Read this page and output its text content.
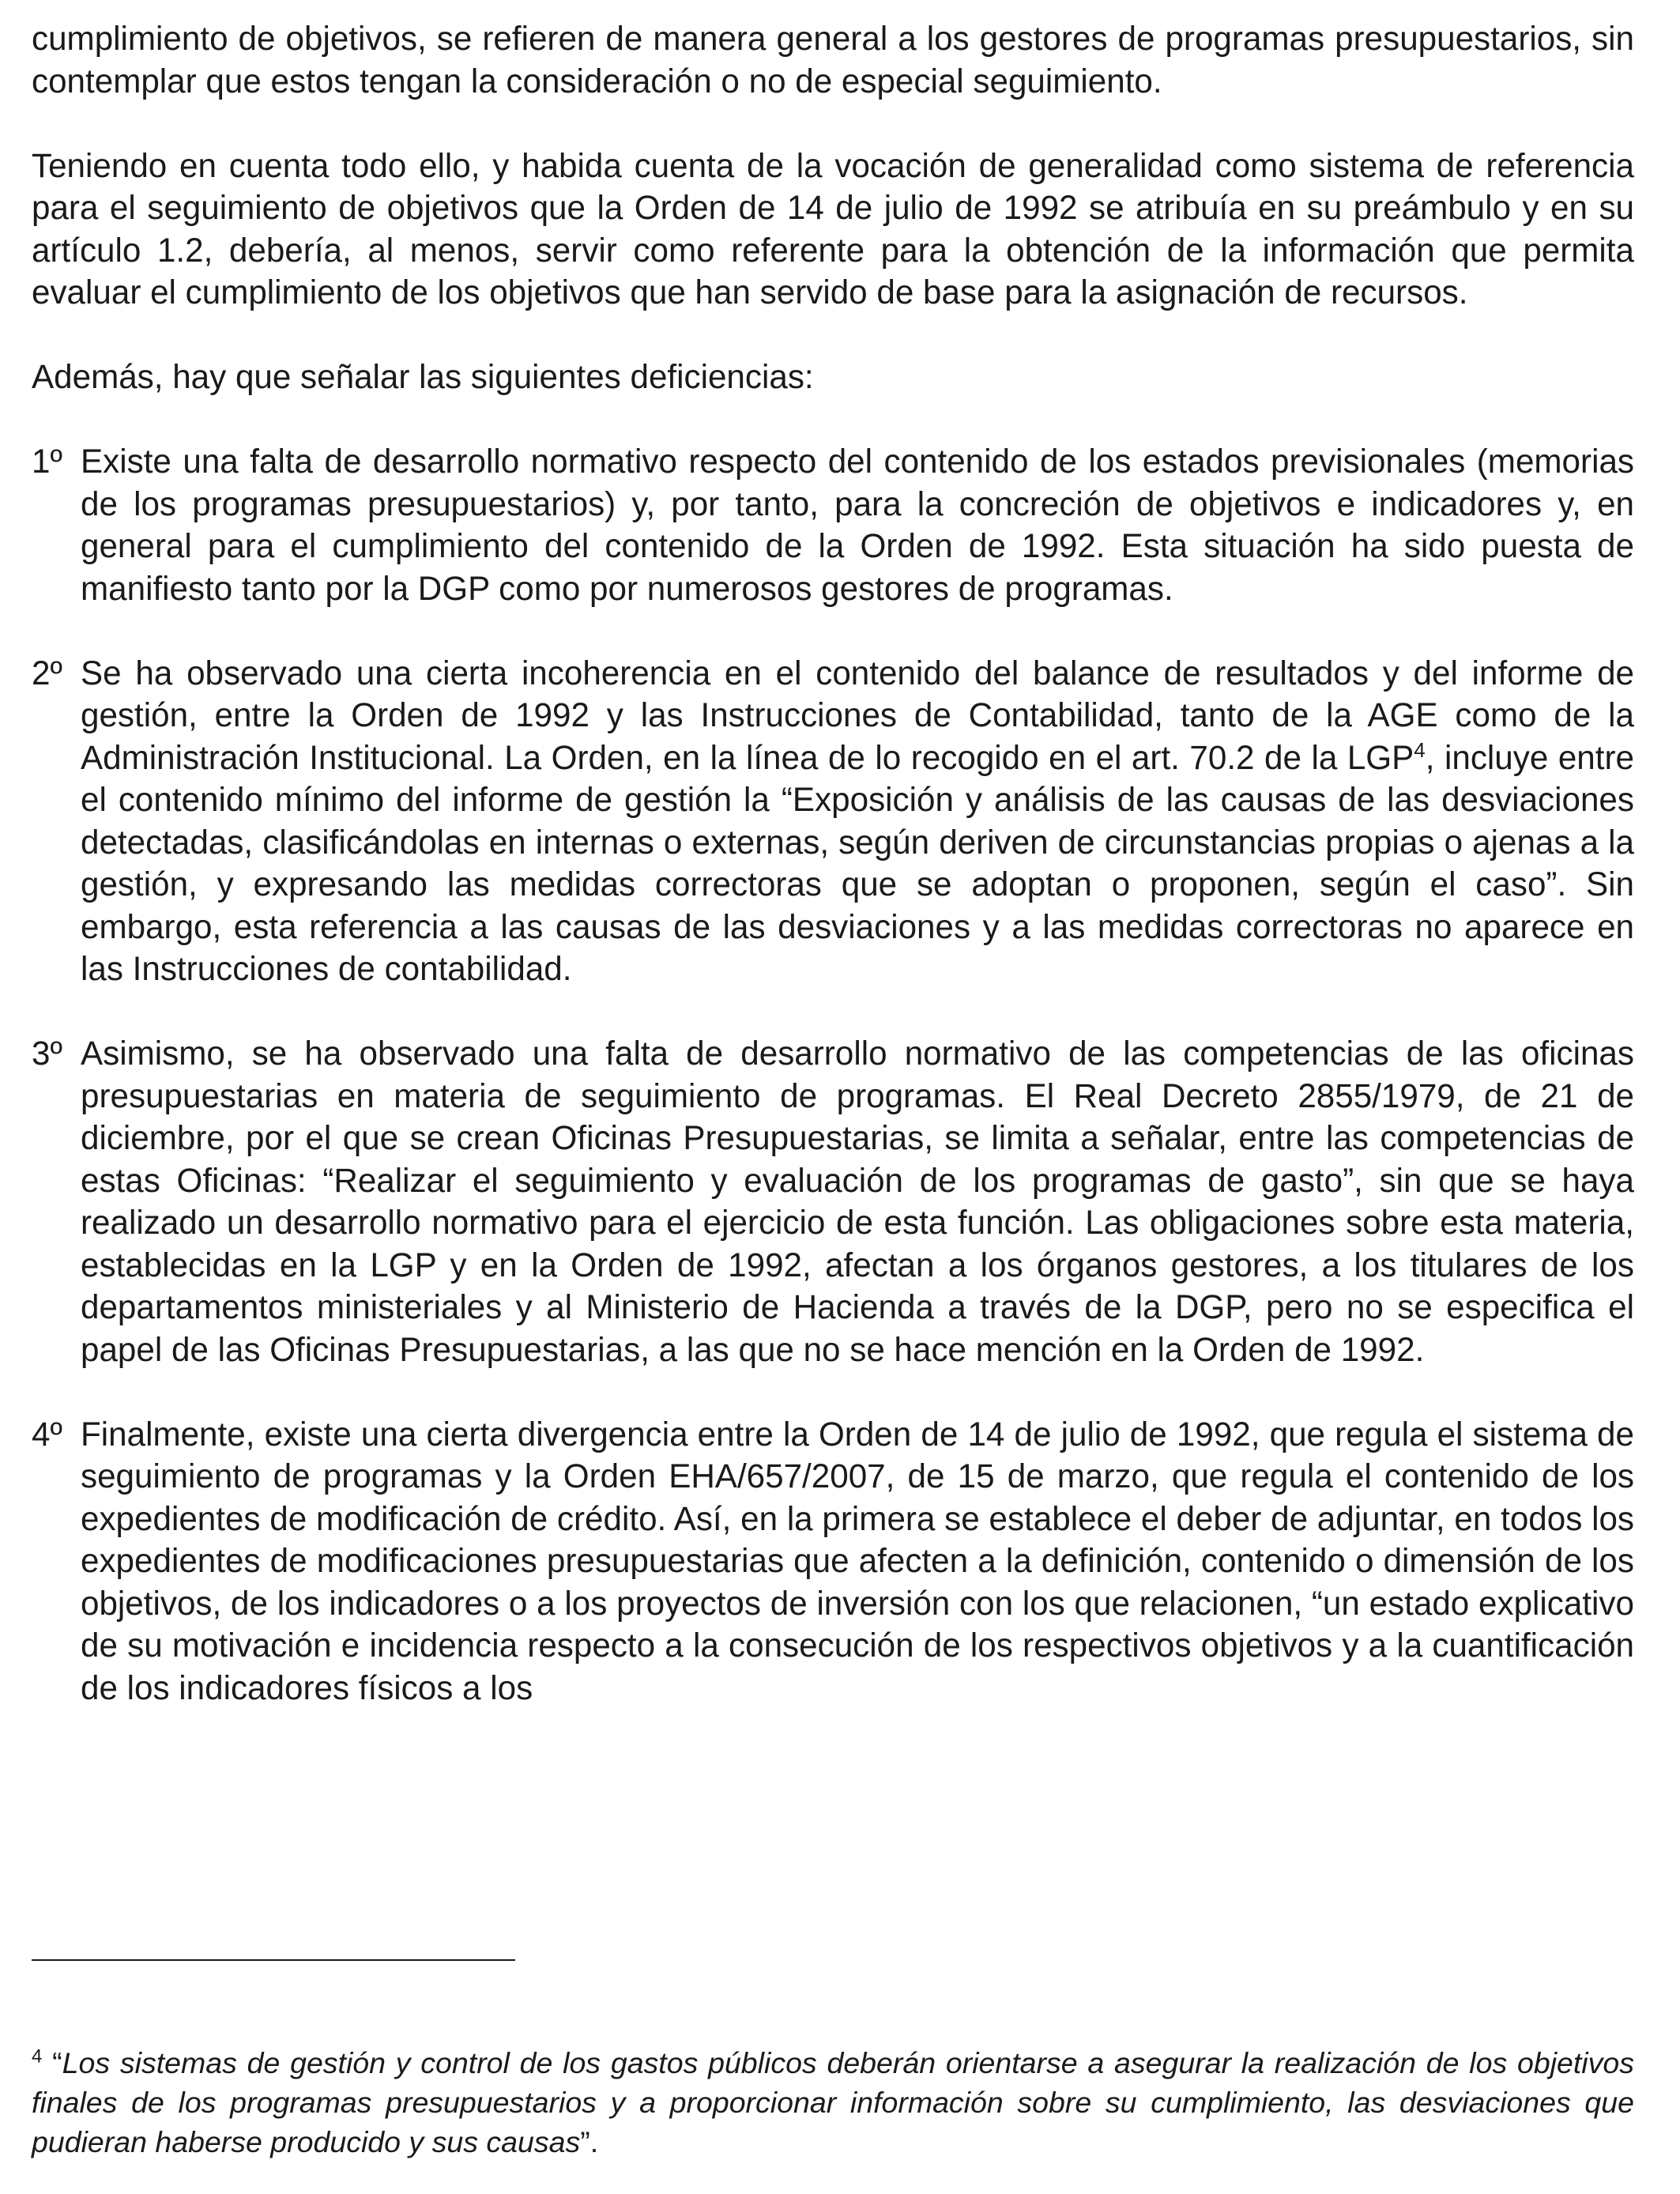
cumplimiento de objetivos, se refieren de manera general a los gestores de programas presupuestarios, sin contemplar que estos tengan la consideración o no de especial seguimiento.

Teniendo en cuenta todo ello, y habida cuenta de la vocación de generalidad como sistema de referencia para el seguimiento de objetivos que la Orden de 14 de julio de 1992 se atribuía en su preámbulo y en su artículo 1.2, debería, al menos, servir como referente para la obtención de la información que permita evaluar el cumplimiento de los objetivos que han servido de base para la asignación de recursos.

Además, hay que señalar las siguientes deficiencias:

1º Existe una falta de desarrollo normativo respecto del contenido de los estados previsionales (memorias de los programas presupuestarios) y, por tanto, para la concreción de objetivos e indicadores y, en general para el cumplimiento del contenido de la Orden de 1992. Esta situación ha sido puesta de manifiesto tanto por la DGP como por numerosos gestores de programas.
2º Se ha observado una cierta incoherencia en el contenido del balance de resultados y del informe de gestión, entre la Orden de 1992 y las Instrucciones de Contabilidad, tanto de la AGE como de la Administración Institucional. La Orden, en la línea de lo recogido en el art. 70.2 de la LGP$^4$, incluye entre el contenido mínimo del informe de gestión la “Exposición y análisis de las causas de las desviaciones detectadas, clasificándolas en internas o externas, según deriven de circunstancias propias o ajenas a la gestión, y expresando las medidas correctoras que se adoptan o proponen, según el caso”. Sin embargo, esta referencia a las causas de las desviaciones y a las medidas correctoras no aparece en las Instrucciones de contabilidad.
3º Asimismo, se ha observado una falta de desarrollo normativo de las competencias de las oficinas presupuestarias en materia de seguimiento de programas. El Real Decreto 2855/1979, de 21 de diciembre, por el que se crean Oficinas Presupuestarias, se limita a señalar, entre las competencias de estas Oficinas: “Realizar el seguimiento y evaluación de los programas de gasto”, sin que se haya realizado un desarrollo normativo para el ejercicio de esta función. Las obligaciones sobre esta materia, establecidas en la LGP y en la Orden de 1992, afectan a los órganos gestores, a los titulares de los departamentos ministeriales y al Ministerio de Hacienda a través de la DGP, pero no se especifica el papel de las Oficinas Presupuestarias, a las que no se hace mención en la Orden de 1992.
4º Finalmente, existe una cierta divergencia entre la Orden de 14 de julio de 1992, que regula el sistema de seguimiento de programas y la Orden EHA/657/2007, de 15 de marzo, que regula el contenido de los expedientes de modificación de crédito. Así, en la primera se establece el deber de adjuntar, en todos los expedientes de modificaciones presupuestarias que afecten a la definición, contenido o dimensión de los objetivos, de los indicadores o a los proyectos de inversión con los que relacionen, “un estado explicativo de su motivación e incidencia respecto a la consecución de los respectivos objetivos y a la cuantificación de los indicadores físicos a los
$^4$ “Los sistemas de gestión y control de los gastos públicos deberán orientarse a asegurar la realización de los objetivos finales de los programas presupuestarios y a proporcionar información sobre su cumplimiento, las desviaciones que pudieran haberse producido y sus causas”.
